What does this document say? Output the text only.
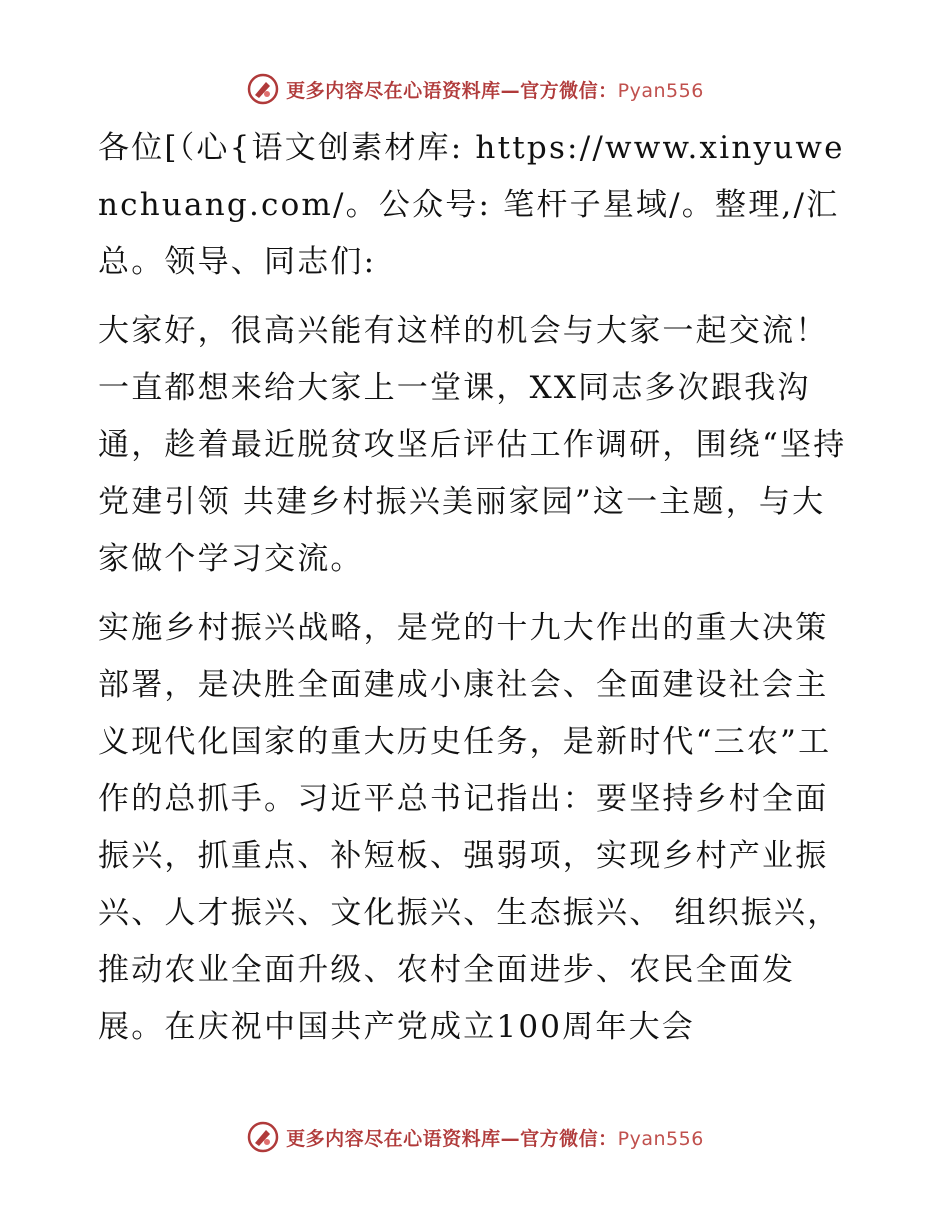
更多内容尽在心语资料库—官方微信：Pyan556

各位[（心{语文创素材库: https://www.xinyuwenchuang.com/。公众号: 笔杆子星域/。整理,/汇总。领导、同志们:

大家好，很高兴能有这样的机会与大家一起交流！一直都想来给大家上一堂课，XX同志多次跟我沟通，趁着最近脱贫攻坚后评估工作调研，围绕“坚持党建引领 共建乡村振兴美丽家园”这一主题，与大家做个学习交流。

实施乡村振兴战略，是党的十九大作出的重大决策部署，是决胜全面建成小康社会、全面建设社会主义现代化国家的重大历史任务，是新时代“三农”工作的总抓手。习近平总书记指出：要坚持乡村全面振兴，抓重点、补短板、强弱项，实现乡村产业振兴、人才振兴、文化振兴、生态振兴、 组织振兴，推动农业全面升级、农村全面进步、农民全面发展。在庆祝中国共产党成立100周年大会

更多内容尽在心语资料库—官方微信：Pyan556
